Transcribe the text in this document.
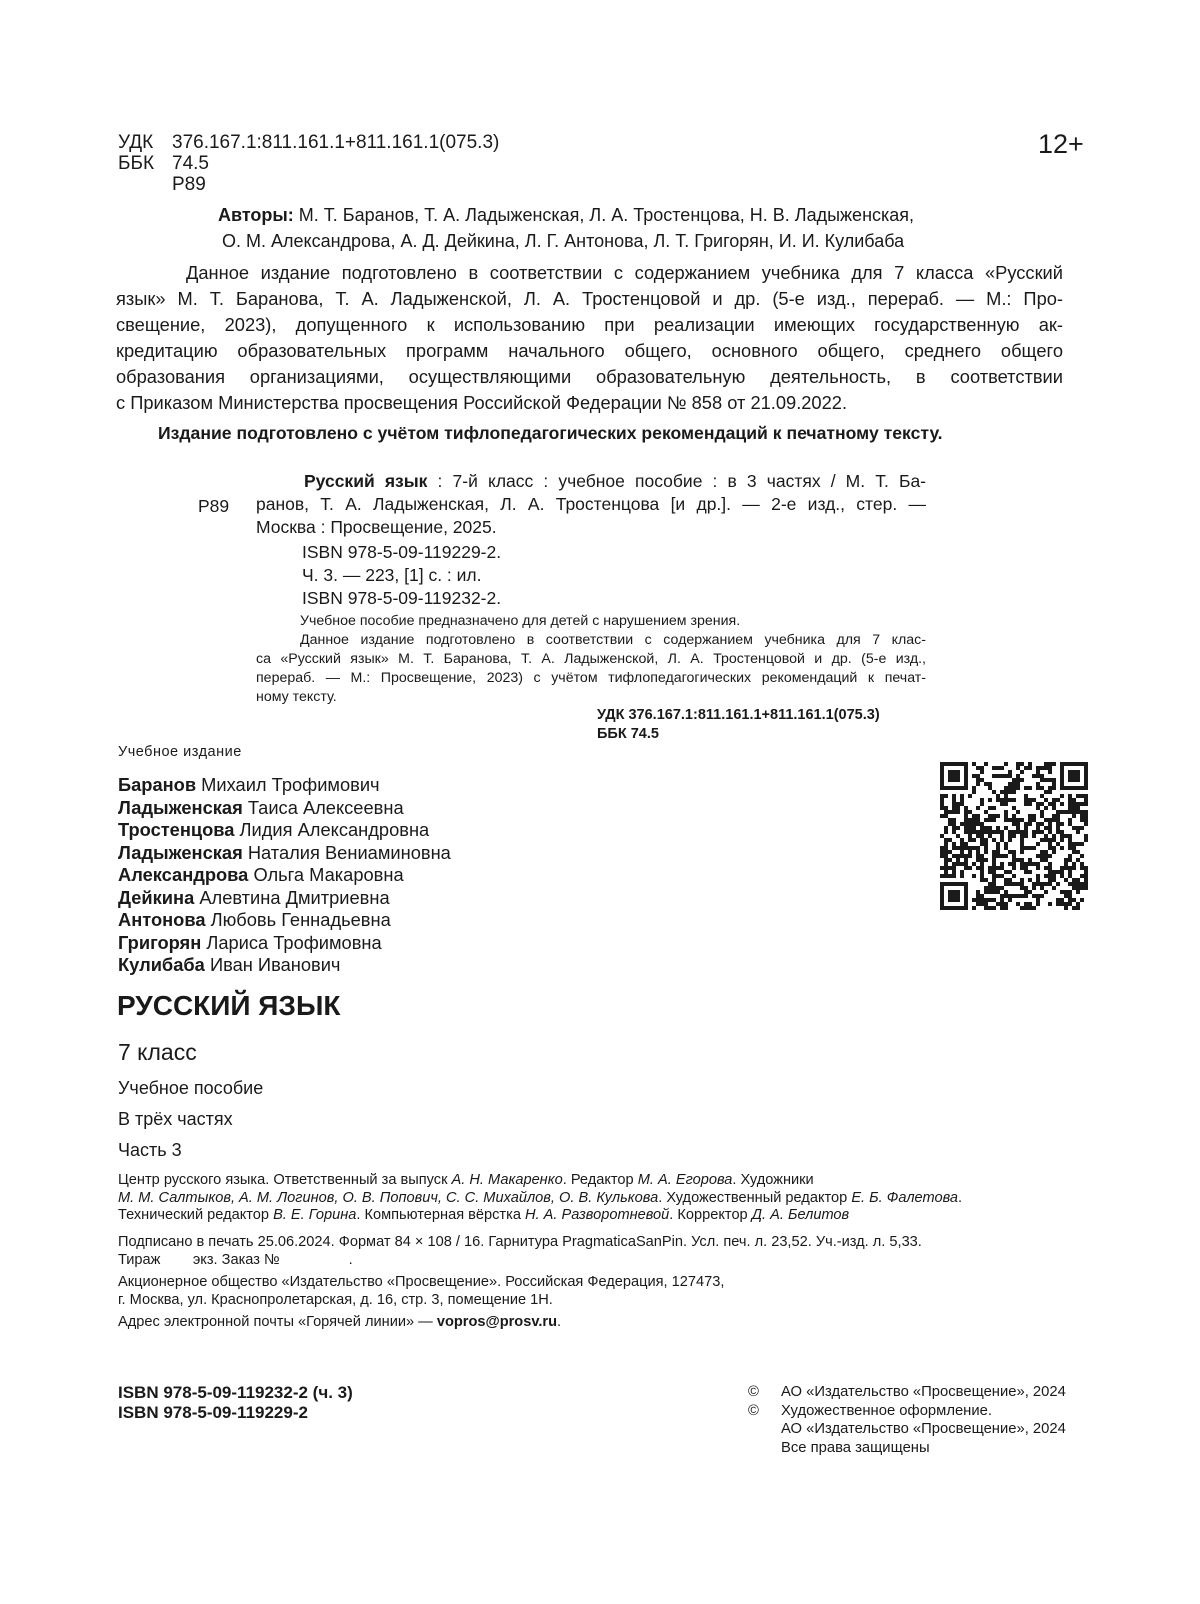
УДК 376.167.1:811.161.1+811.161.1(075.3)
ББК 74.5
Р89
12+
Авторы: М. Т. Баранов, Т. А. Ладыженская, Л. А. Тростенцова, Н. В. Ладыженская,
О. М. Александрова, А. Д. Дейкина, Л. Г. Антонова, Л. Т. Григорян, И. И. Кулибаба
Данное издание подготовлено в соответствии с содержанием учебника для 7 класса «Русский
язык» М. Т. Баранова, Т. А. Ладыженской, Л. А. Тростенцовой и др. (5-е изд., перераб. — М.: Про-
свещение, 2023), допущенного к использованию при реализации имеющих государственную ак-
кредитацию образовательных программ начального общего, основного общего, среднего общего
образования организациями, осуществляющими образовательную деятельность, в соответствии
с Приказом Министерства просвещения Российской Федерации № 858 от 21.09.2022.
Издание подготовлено с учётом тифлопедагогических рекомендаций к печатному тексту.
Р89
Русский язык : 7-й класс : учебное пособие : в 3 частях / М. Т. Ба-
ранов, Т. А. Ладыженская, Л. А. Тростенцова [и др.]. — 2-е изд., стер. —
Москва : Просвещение, 2025.
ISBN 978-5-09-119229-2.
Ч. 3. — 223, [1] с. : ил.
ISBN 978-5-09-119232-2.
Учебное пособие предназначено для детей с нарушением зрения.
Данное издание подготовлено в соответствии с содержанием учебника для 7 клас-
са «Русский язык» М. Т. Баранова, Т. А. Ладыженской, Л. А. Тростенцовой и др. (5-е изд.,
перераб. — М.: Просвещение, 2023) с учётом тифлопедагогических рекомендаций к печат-
ному тексту.
УДК 376.167.1:811.161.1+811.161.1(075.3)
ББК 74.5
Учебное издание
Баранов Михаил Трофимович
Ладыженская Таиса Алексеевна
Тростенцова Лидия Александровна
Ладыженская Наталия Вениаминовна
Александрова Ольга Макаровна
Дейкина Алевтина Дмитриевна
Антонова Любовь Геннадьевна
Григорян Лариса Трофимовна
Кулибаба Иван Иванович
РУССКИЙ ЯЗЫК
7 класс
Учебное пособие
В трёх частях
Часть 3
Центр русского языка. Ответственный за выпуск А. Н. Макаренко. Редактор М. А. Егорова. Художники
М. М. Салтыков, А. М. Логинов, О. В. Попович, С. С. Михайлов, О. В. Кулькова. Художественный редактор Е. Б. Фалетова.
Технический редактор В. Е. Горина. Компьютерная вёрстка Н. А. Разворотневой. Корректор Д. А. Белитов
Подписано в печать 25.06.2024. Формат 84 × 108 / 16. Гарнитура PragmaticaSanPin. Усл. печ. л. 23,52. Уч.-изд. л. 5,33.
Тираж        экз. Заказ №                 .
Акционерное общество «Издательство «Просвещение». Российская Федерация, 127473,
г. Москва, ул. Краснопролетарская, д. 16, стр. 3, помещение 1Н.
Адрес электронной почты «Горячей линии» — vopros@prosv.ru.
ISBN 978-5-09-119232-2 (ч. 3)
ISBN 978-5-09-119229-2
© АО «Издательство «Просвещение», 2024
© Художественное оформление.
АО «Издательство «Просвещение», 2024
Все права защищены
